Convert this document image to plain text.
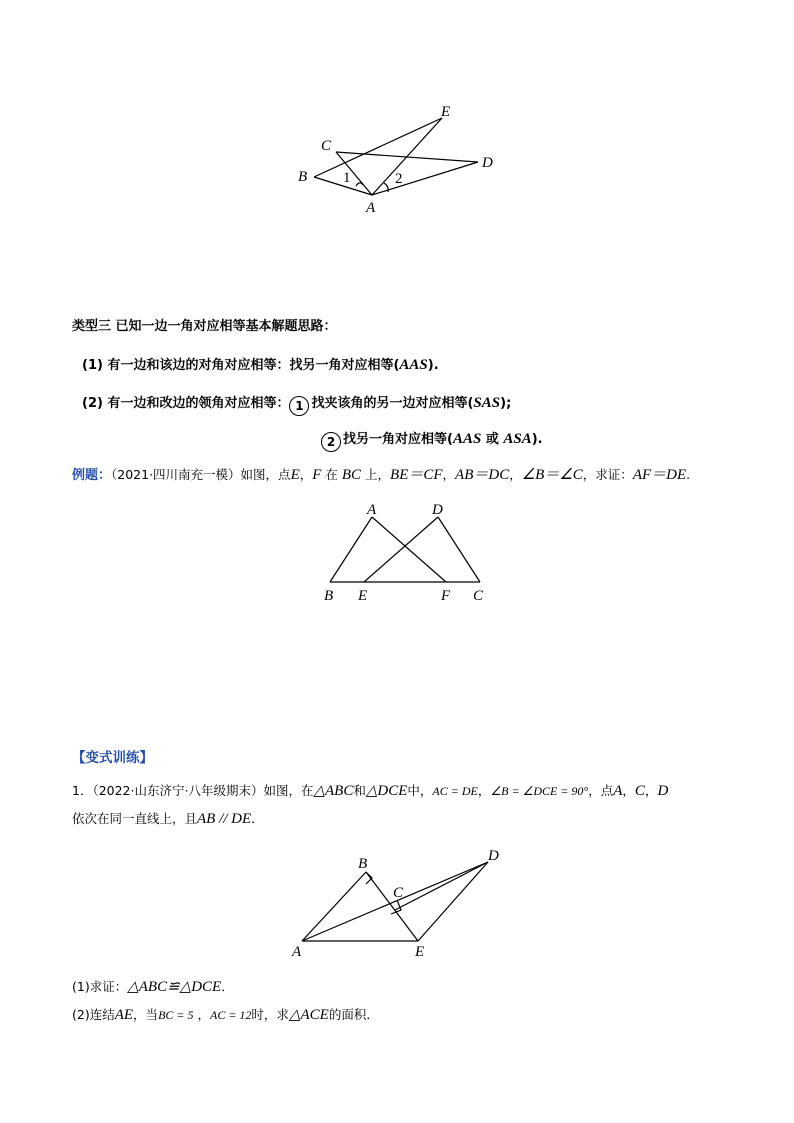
E
C
D
B
A
1	2
类型三 已知一边一角对应相等基本解题思路：
(1) 有一边和该边的对角对应相等：找另一角对应相等(AAS).
(2) 有一边和改边的领角对应相等： 1 找夹该角的另一边对应相等(SAS);
2 找另一角对应相等(AAS 或 ASA).
例题：（2021·四川南充一模）如图，点E，F 在 BC 上，BE＝CF，AB＝DC，∠B＝∠C，求证：AF＝DE.
A	D
B E	F C
【变式训练】
1．（2022·山东济宁·八年级期末）如图，在△ABC和△DCE中，AC = DE，∠B = ∠DCE = 90°，点A，C，D
依次在同一直线上，且AB // DE．
B
C
D
A	E
(1)求证：△ABC≌△DCE．
(2)连结AE，当BC = 5 ，AC = 12时，求△ACE的面积．
